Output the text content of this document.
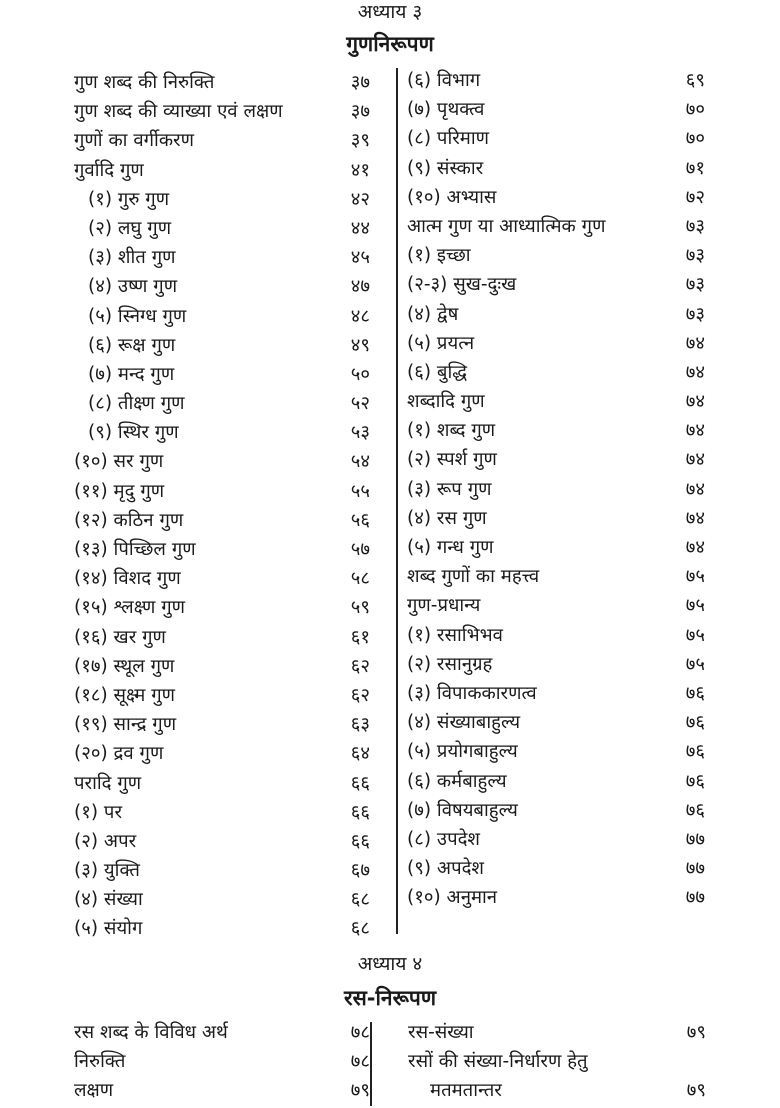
अध्याय ३
गुणनिरूपण
गुण शब्द की निरुक्ति	३७
गुण शब्द की व्याख्या एवं लक्षण	३७
गुणों का वर्गीकरण	३९
गुर्वादि गुण	४१
(१) गुरु गुण	४२
(२) लघु गुण	४४
(३) शीत गुण	४५
(४) उष्ण गुण	४७
(५) स्निग्ध गुण	४८
(६) रूक्ष गुण	४९
(७) मन्द गुण	५०
(८) तीक्ष्ण गुण	५२
(९) स्थिर गुण	५३
(१०) सर गुण	५४
(११) मृदु गुण	५५
(१२) कठिन गुण	५६
(१३) पिच्छिल गुण	५७
(१४) विशद गुण	५८
(१५) श्लक्ष्ण गुण	५९
(१६) खर गुण	६१
(१७) स्थूल गुण	६२
(१८) सूक्ष्म गुण	६२
(१९) सान्द्र गुण	६३
(२०) द्रव गुण	६४
परादि गुण	६६
(१) पर	६६
(२) अपर	६६
(३) युक्ति	६७
(४) संख्या	६८
(५) संयोग	६८
(६) विभाग	६९
(७) पृथक्त्व	७०
(८) परिमाण	७०
(९) संस्कार	७१
(१०) अभ्यास	७२
आत्म गुण या आध्यात्मिक गुण	७३
(१) इच्छा	७३
(२-३) सुख-दुःख	७३
(४) द्वेष	७३
(५) प्रयत्न	७४
(६) बुद्धि	७४
शब्दादि गुण	७४
(१) शब्द गुण	७४
(२) स्पर्श गुण	७४
(३) रूप गुण	७४
(४) रस गुण	७४
(५) गन्ध गुण	७४
शब्द गुणों का महत्त्व	७५
गुण-प्रधान्य	७५
(१) रसाभिभव	७५
(२) रसानुग्रह	७५
(३) विपाककारणत्व	७६
(४) संख्याबाहुल्य	७६
(५) प्रयोगबाहुल्य	७६
(६) कर्मबाहुल्य	७६
(७) विषयबाहुल्य	७६
(८) उपदेश	७७
(९) अपदेश	७७
(१०) अनुमान	७७
अध्याय ४
रस-निरूपण
रस शब्द के विविध अर्थ	७८
निरुक्ति	७८
लक्षण	७९
रस-संख्या	७९
रसों की संख्या-निर्धारण हेतु
मतमतान्तर	७९
